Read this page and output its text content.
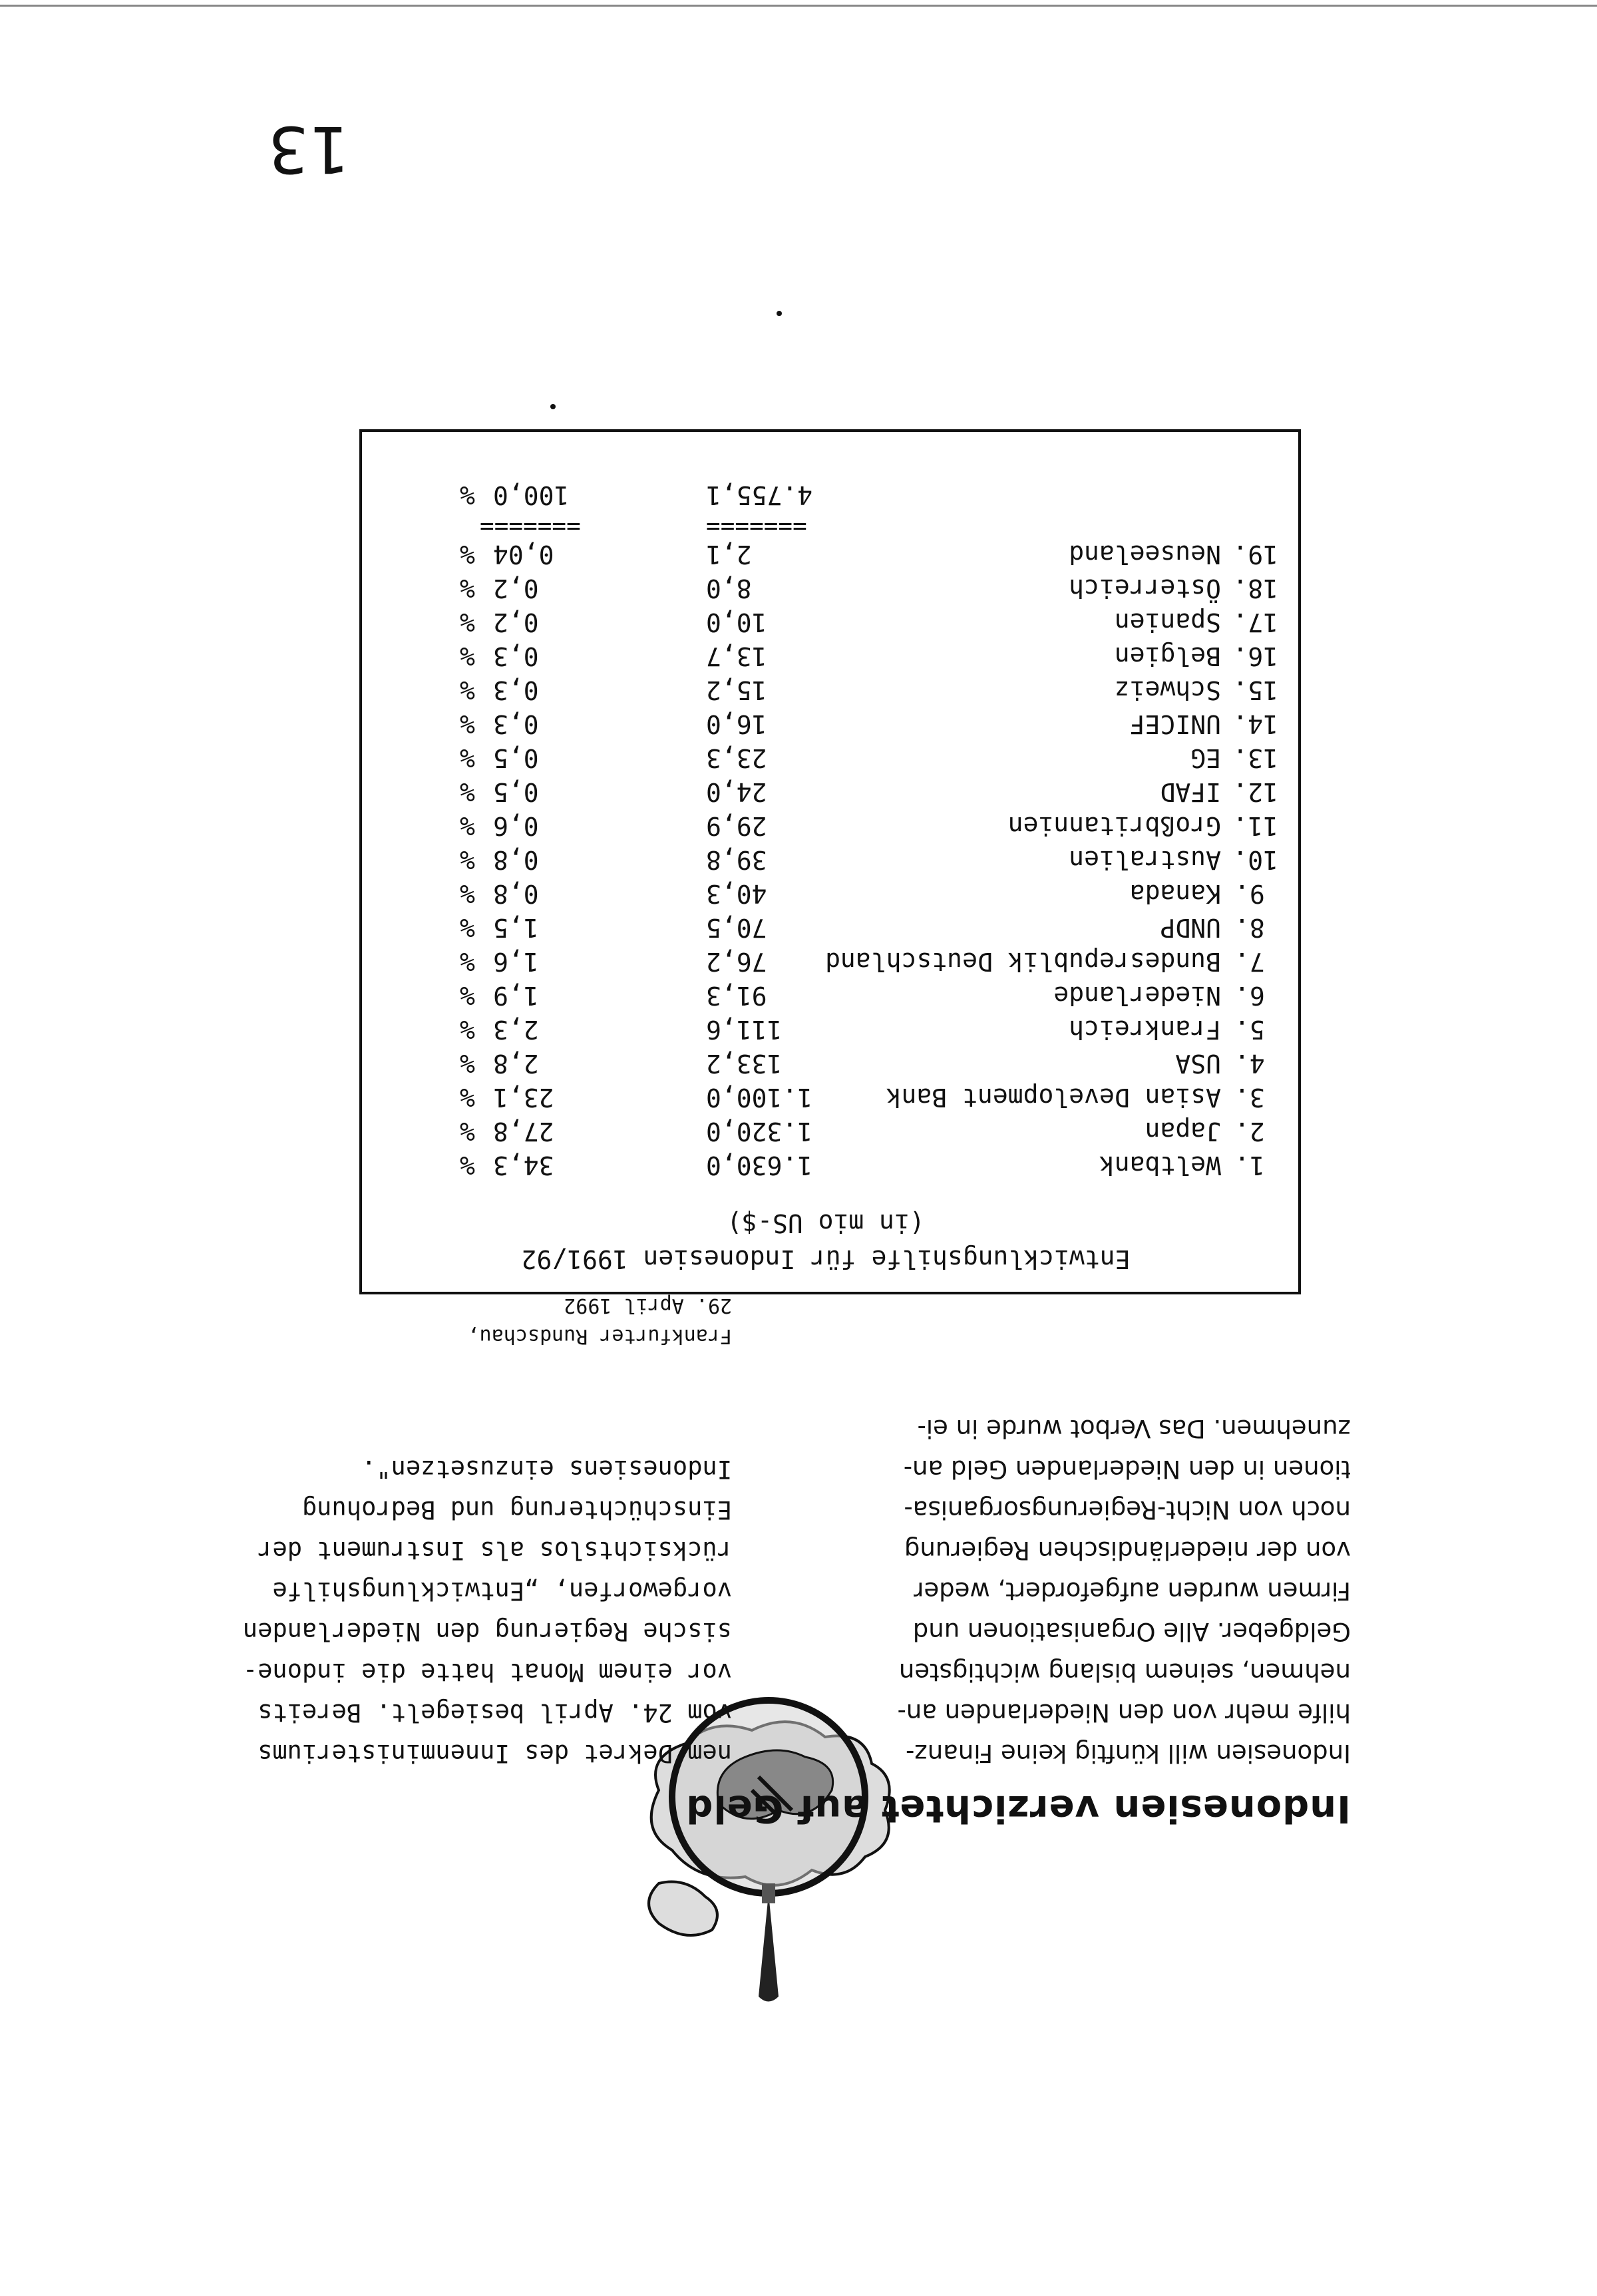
13
Indonesien verzichtet auf Geld

Indonesien will künftig keine Finanz-

hilfe mehr von den Niederlanden an-

nehmen, seinem bislang wichtigsten

Geldgeber. Alle Organisationen und

Firmen wurden aufgefordert, weder

von der niederländischen Regierung

noch von Nicht-Regierungsorganisa-

tionen in den Niederlanden Geld an-

zunehmen. Das Verbot wurde in ei-

nem Dekret des Innenministeriums

vom 24. April besiegelt. Bereits

vor einem Monat hatte die indone-

sische Regierung den Niederlanden

vorgeworfen, „Entwicklungshilfe

rücksichtslos als Instrument der

Einschüchterung und Bedrohung

Indonesiens einzusetzen".

Frankfurter Rundschau,
29. April 1992
Entwicklungshilfe für Indonesien 1991/92
(in mio US-$)
1.
Weltbank
1.630,0
34,3
%
2.
Japan
1.320,0
27,8
%
3.
Asian Development Bank
1.100,0
23,1
%
4.
USA
133,2
2,8
%
5.
Frankreich
111,6
2,3
%
6.
Niederlande
91,3
1,9
%
7.
Bundesrepublik Deutschland
76,2
1,6
%
8.
UNDP
70,5
1,5
%
9.
Kanada
40,3
0,8
%
10.
Australien
39,8
0,8
%
11.
Großbritannien
29,9
0,6
%
12.
IFAD
24,0
0,5
%
13.
EG
23,3
0,5
%
14.
UNICEF
16,0
0,3
%
15.
Schweiz
15,2
0,3
%
16.
Belgien
13,7
0,3
%
17.
Spanien
10,0
0,2
%
18.
Österreich
8,0
0,2
%
19.
Neuseeland
2,1
0,04
%
=======
=======
4.755,1
100,0
%
